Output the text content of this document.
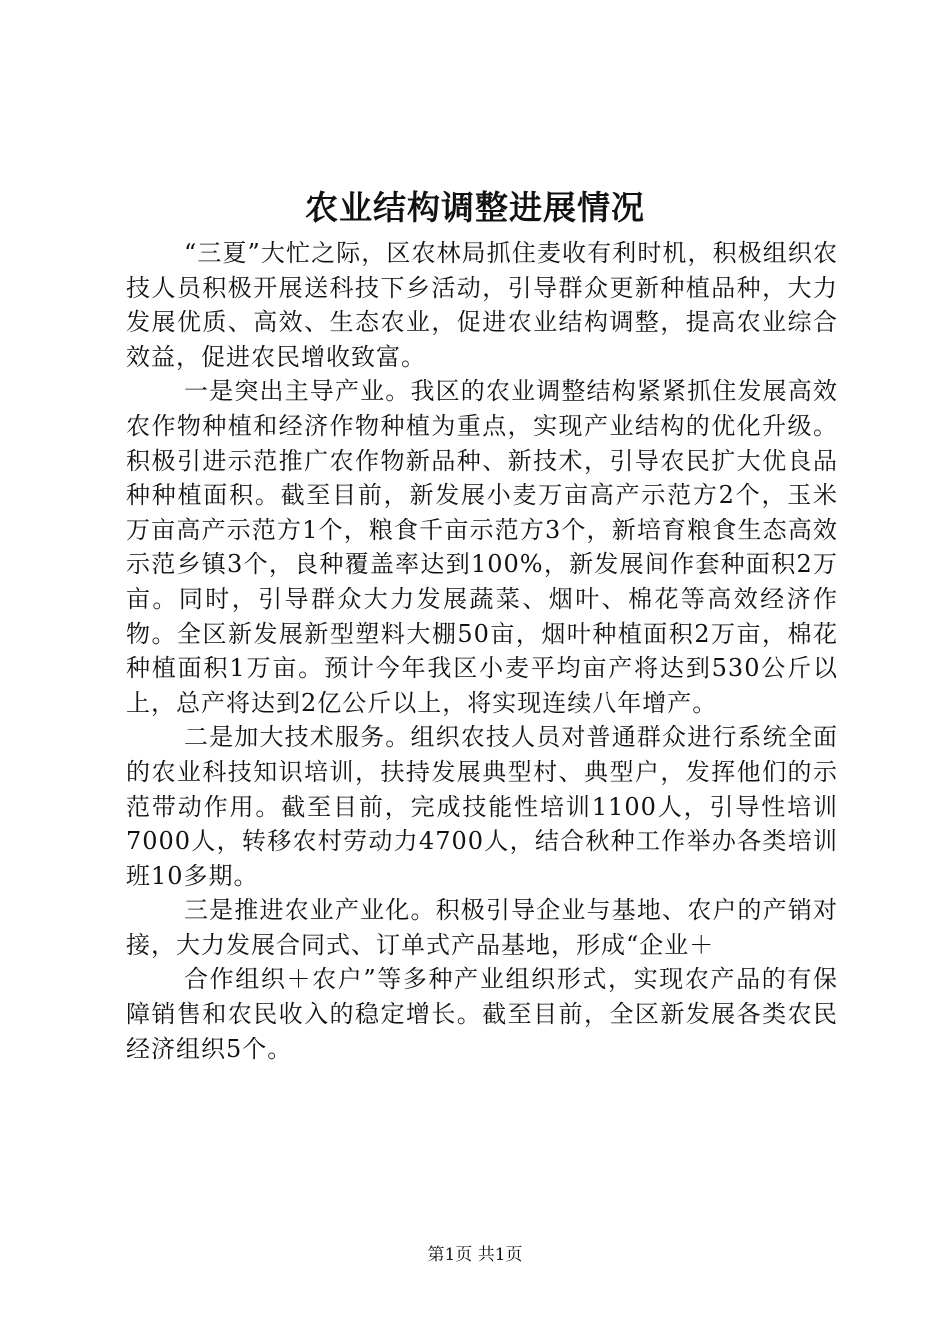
农业结构调整进展情况

“三夏”大忙之际，区农林局抓住麦收有利时机，积极组织农技人员积极开展送科技下乡活动，引导群众更新种植品种，大力发展优质、高效、生态农业，促进农业结构调整，提高农业综合效益，促进农民增收致富。

一是突出主导产业。我区的农业调整结构紧紧抓住发展高效农作物种植和经济作物种植为重点，实现产业结构的优化升级。积极引进示范推广农作物新品种、新技术，引导农民扩大优良品种种植面积。截至目前，新发展小麦万亩高产示范方2个，玉米万亩高产示范方1个，粮食千亩示范方3个，新培育粮食生态高效示范乡镇3个，良种覆盖率达到100%，新发展间作套种面积2万亩。同时，引导群众大力发展蔬菜、烟叶、棉花等高效经济作物。全区新发展新型塑料大棚50亩，烟叶种植面积2万亩，棉花种植面积1万亩。预计今年我区小麦平均亩产将达到530公斤以上，总产将达到2亿公斤以上，将实现连续八年增产。

二是加大技术服务。组织农技人员对普通群众进行系统全面的农业科技知识培训，扶持发展典型村、典型户，发挥他们的示范带动作用。截至目前，完成技能性培训1100人，引导性培训7000人，转移农村劳动力4700人，结合秋种工作举办各类培训班10多期。

三是推进农业产业化。积极引导企业与基地、农户的产销对接，大力发展合同式、订单式产品基地，形成“企业＋

合作组织＋农户”等多种产业组织形式，实现农产品的有保障销售和农民收入的稳定增长。截至目前，全区新发展各类农民经济组织5个。

第1页 共1页
